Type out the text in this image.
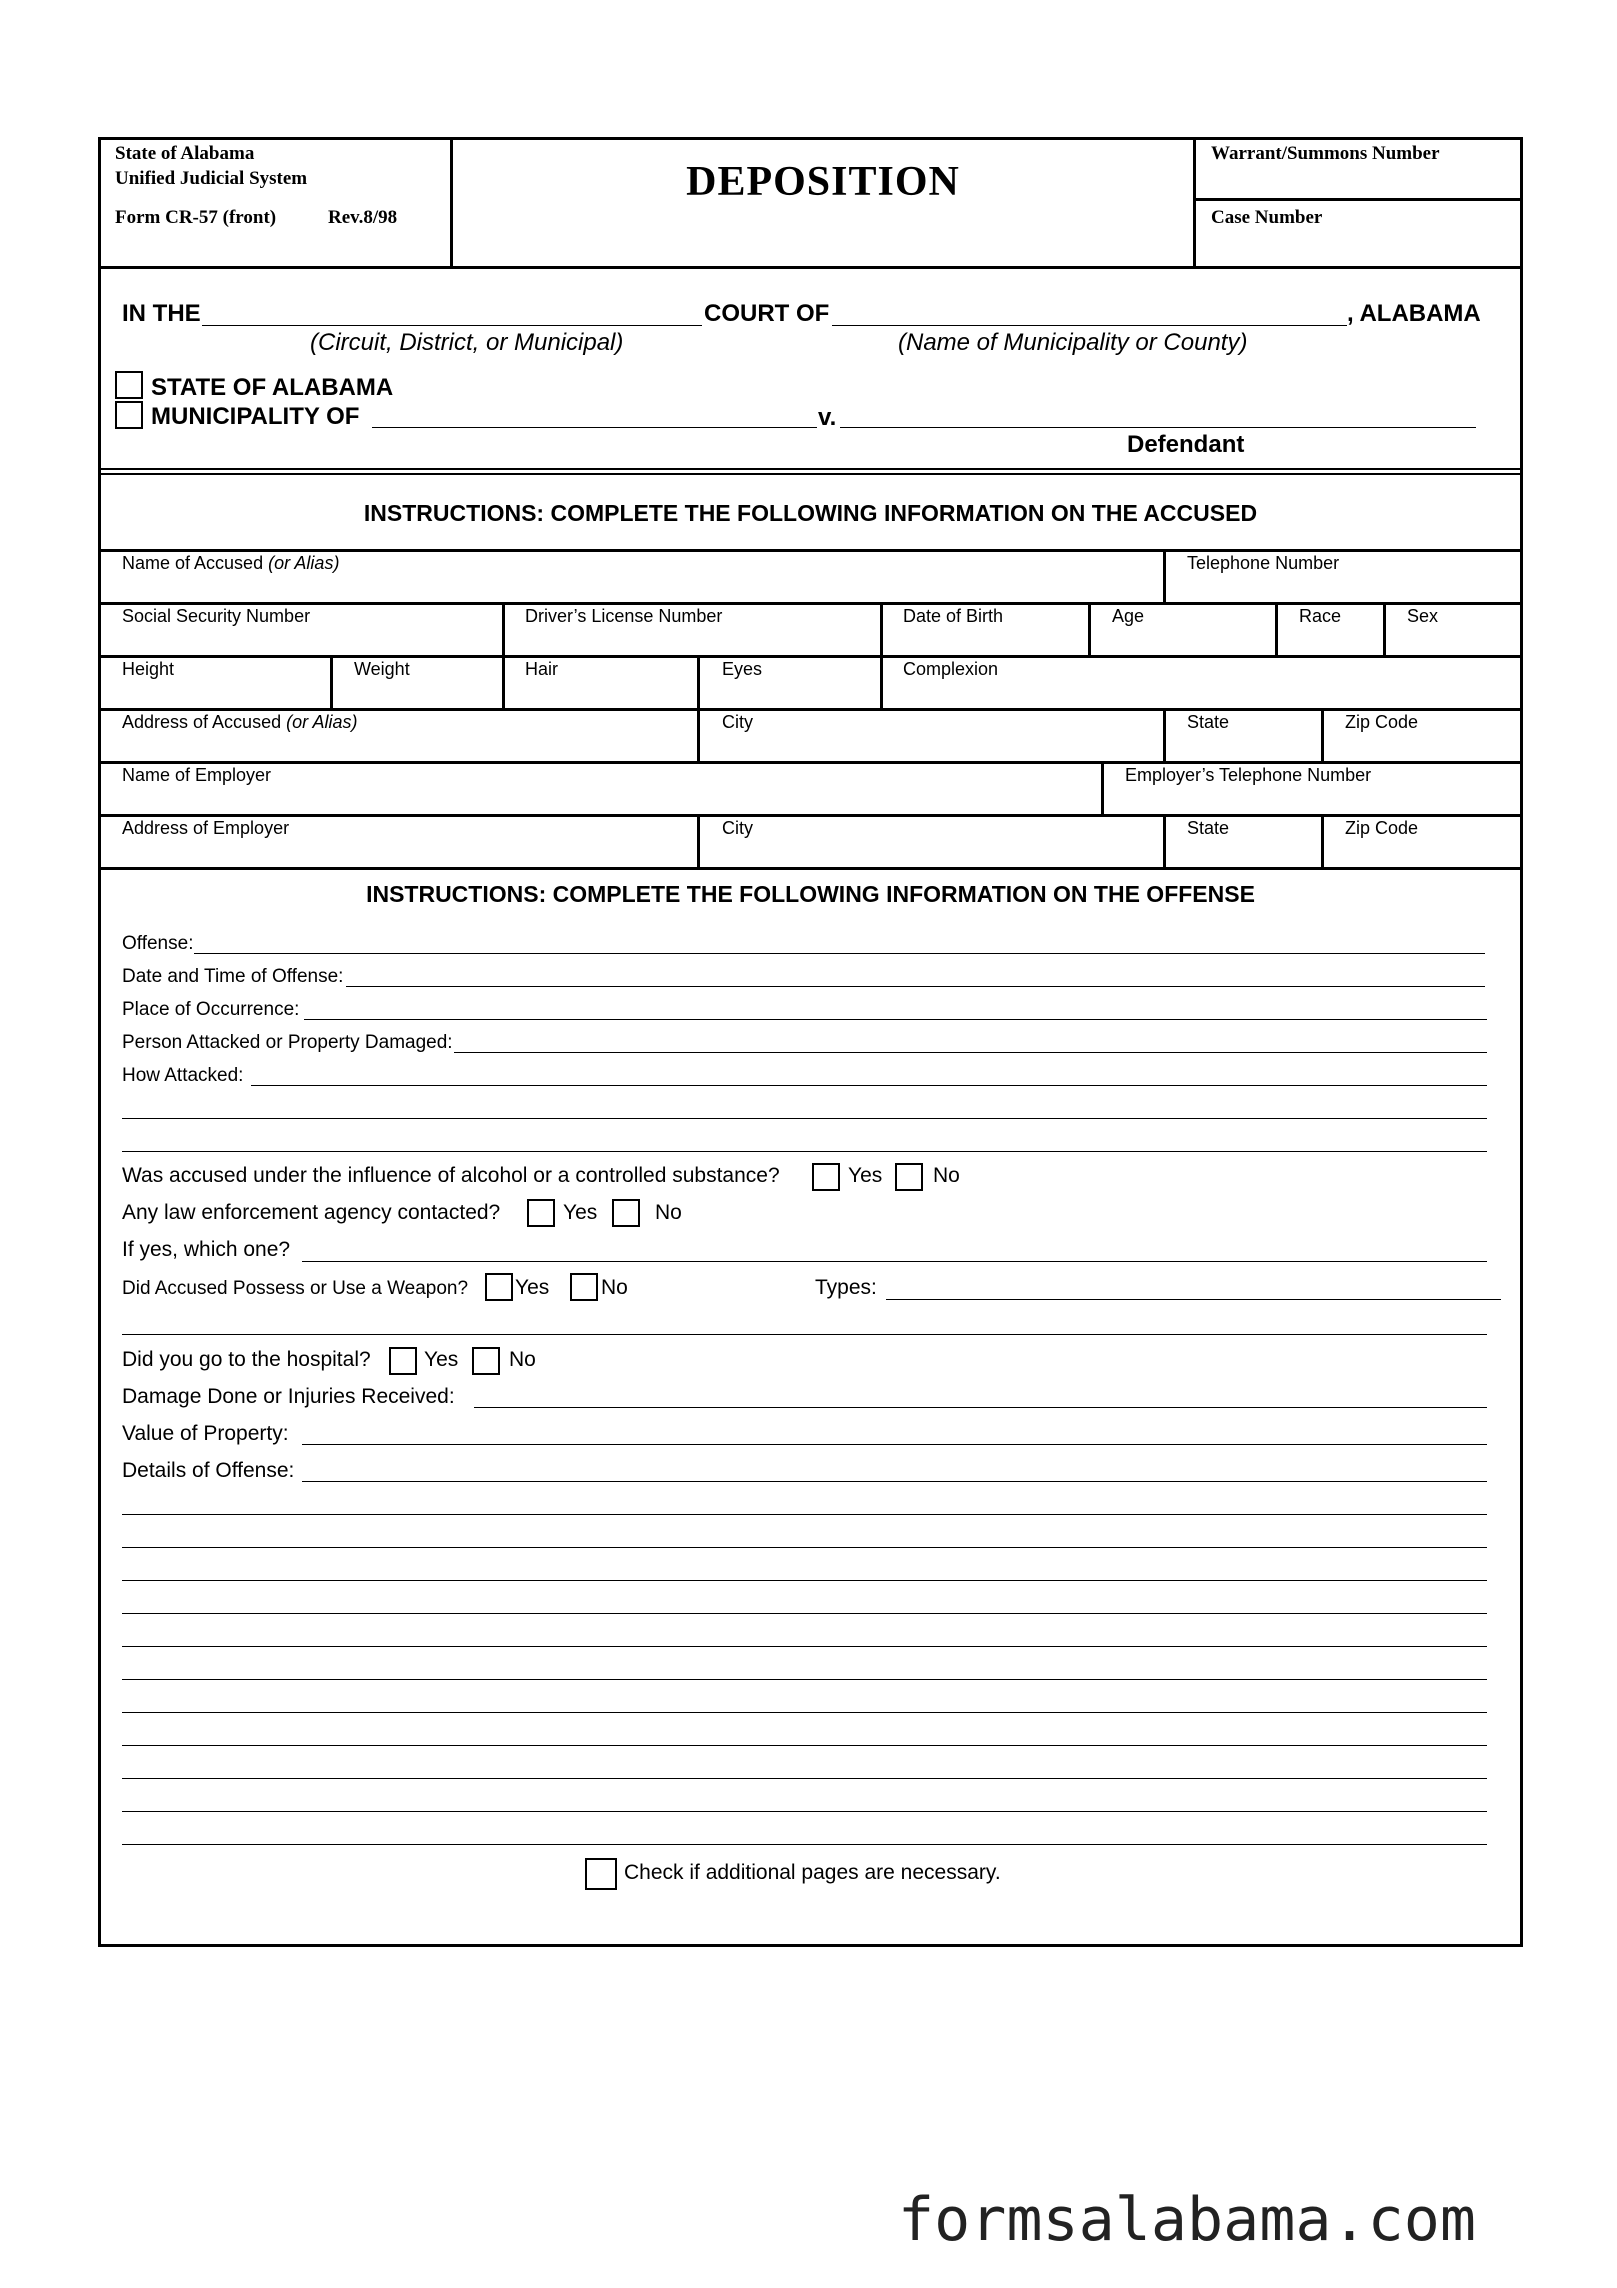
State of Alabama
Unified Judicial System
Form CR-57 (front)	Rev.8/98
DEPOSITION
Warrant/Summons Number
Case Number
IN THE	COURT OF	, ALABAMA
(Circuit, District, or Municipal)	(Name of Municipality or County)
STATE OF ALABAMA
MUNICIPALITY OF	v.
Defendant
INSTRUCTIONS: COMPLETE THE FOLLOWING INFORMATION ON THE ACCUSED
Name of Accused (or Alias)	Telephone Number
Social Security Number	Driver’s License Number	Date of Birth	Age	Race	Sex
Height	Weight	Hair	Eyes	Complexion
Address of Accused (or Alias)	City	State	Zip Code
Name of Employer	Employer’s Telephone Number
Address of Employer	City	State	Zip Code
INSTRUCTIONS: COMPLETE THE FOLLOWING INFORMATION ON THE OFFENSE
Offense:
Date and Time of Offense:
Place of Occurrence:
Person Attacked or Property Damaged:
How Attacked:
Was accused under the influence of alcohol or a controlled substance?	Yes No
Any law enforcement agency contacted?	Yes	No
If yes, which one?
Did Accused Possess or Use a Weapon? Yes No	Types:
Did you go to the hospital?	Yes No
Damage Done or Injuries Received:
Value of Property:
Details of Offense:
Check if additional pages are necessary.
formsalabama.com
